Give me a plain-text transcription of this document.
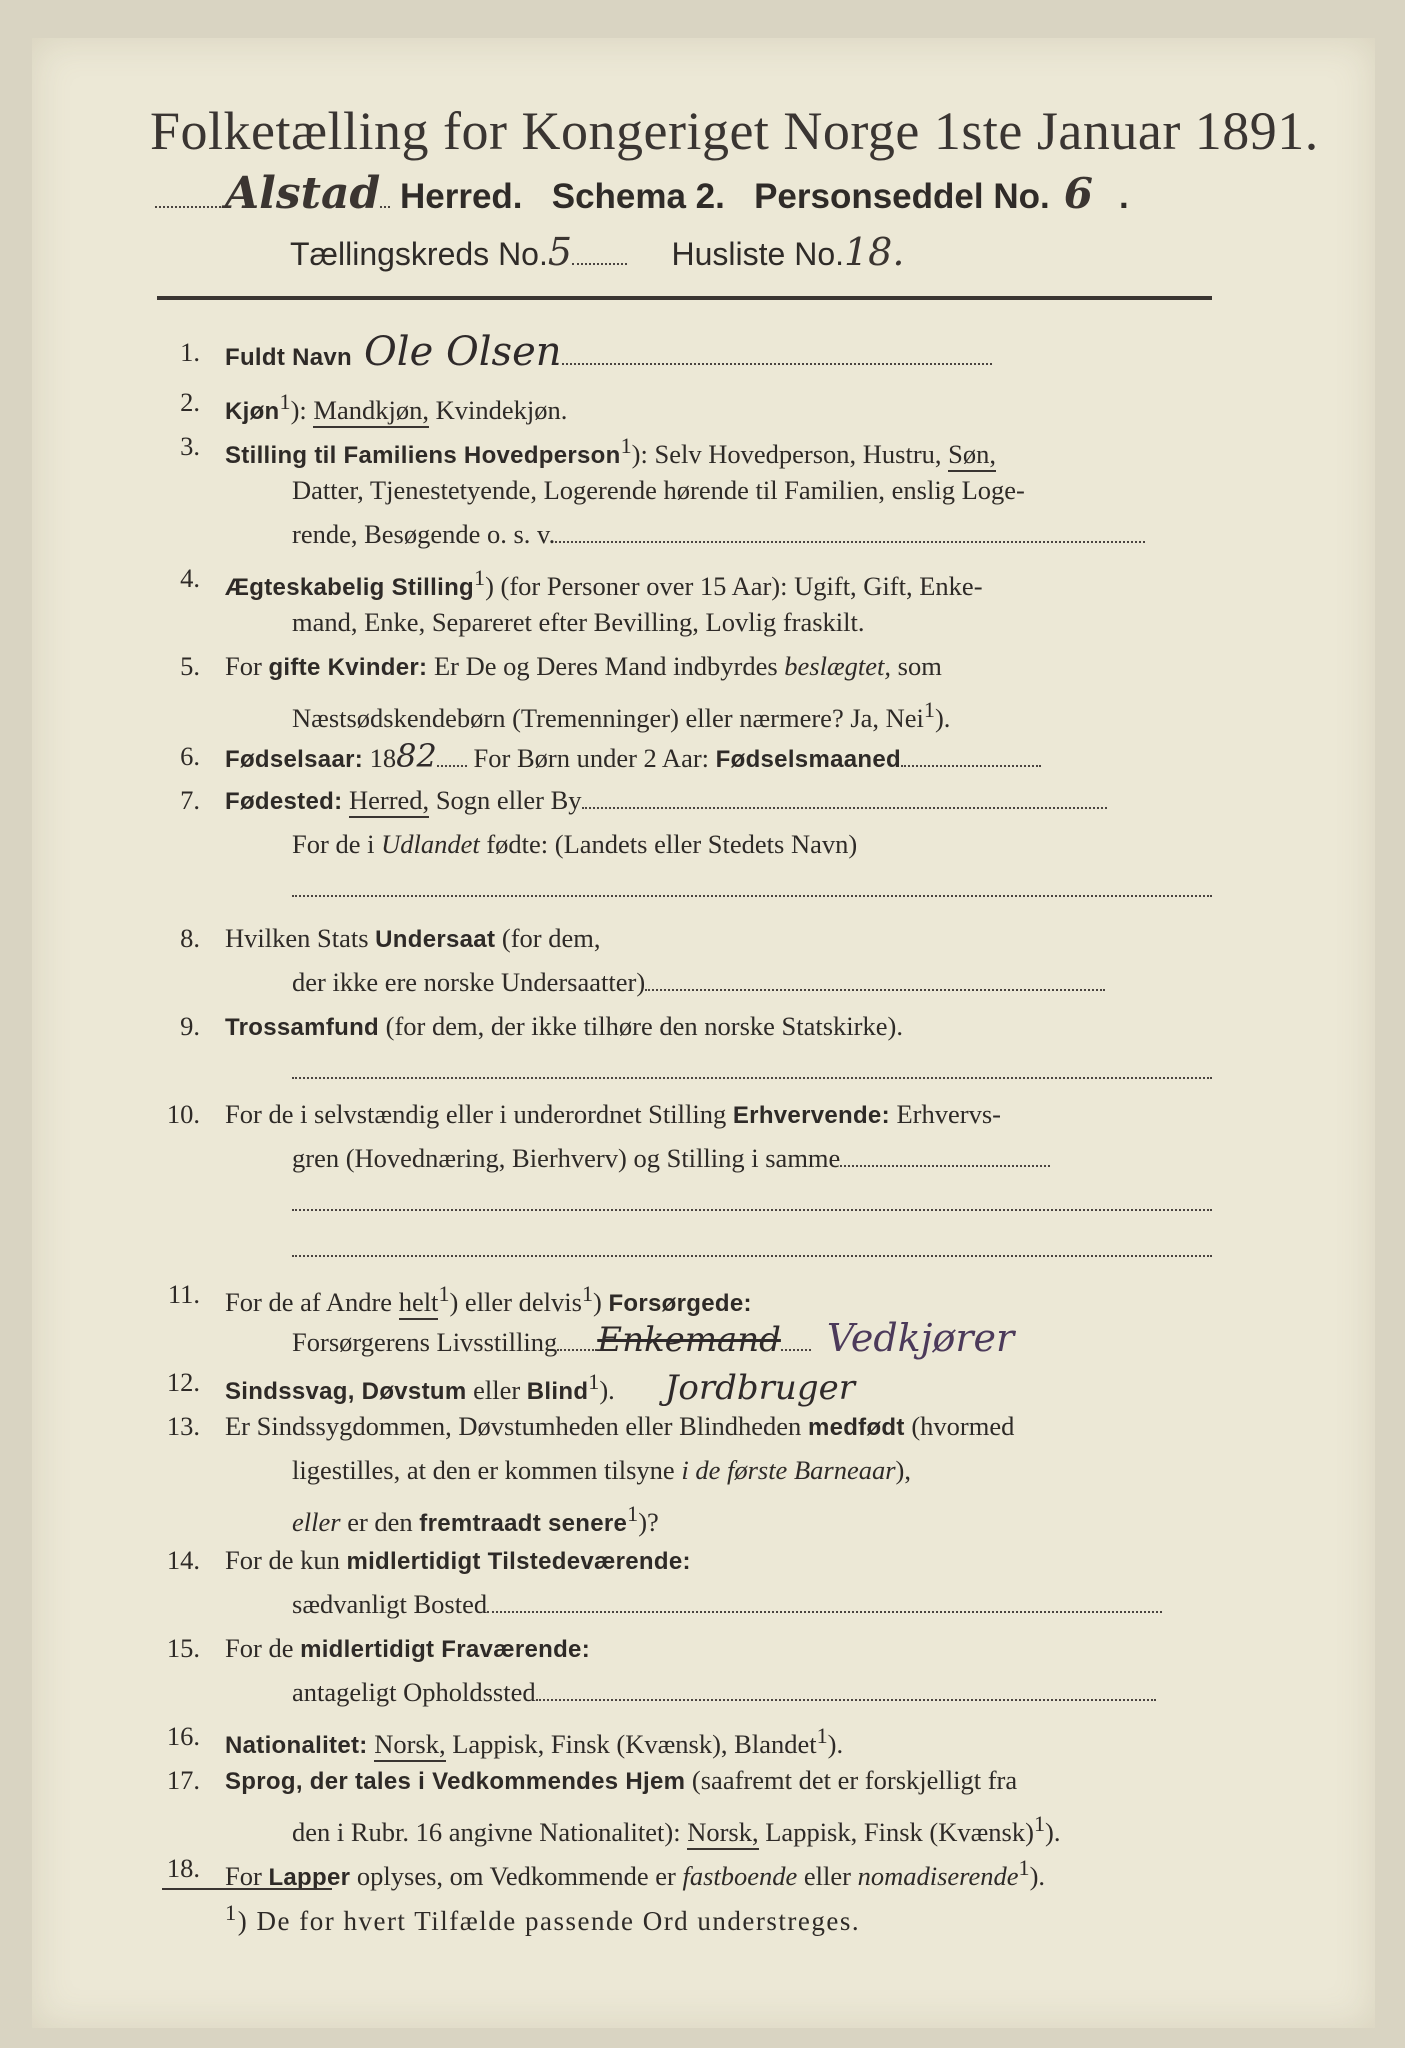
Folketælling for Kongeriget Norge 1ste Januar 1891.
Alstad Herred. Schema 2. Personseddel No. 6 .
Tællingskreds No.5	Husliste No.18.
1. Fuldt Navn Ole Olsen
2. Kjøn$^1$): Mandkjøn, Kvindekjøn.
3. Stilling til Familiens Hovedperson$^1$): Selv Hovedperson, Hustru, Søn,
Datter, Tjenestetyende, Logerende hørende til Familien, enslig Loge-
rende, Besøgende o. s. v.
4. Ægteskabelig Stilling$^1$) (for Personer over 15 Aar): Ugift, Gift, Enke-
mand, Enke, Separeret efter Bevilling, Lovlig fraskilt.
5. For gifte Kvinder: Er De og Deres Mand indbyrdes beslægtet, som
Næstsødskendebørn (Tremenninger) eller nærmere? Ja, Nei$^1$).
6. Fødselsaar: 1882 For Børn under 2 Aar: Fødselsmaaned
7. Fødested: Herred, Sogn eller By
For de i Udlandet fødte: (Landets eller Stedets Navn)
8. Hvilken Stats Undersaat (for dem,
der ikke ere norske Undersaatter)
9. Trossamfund (for dem, der ikke tilhøre den norske Statskirke).
10. For de i selvstændig eller i underordnet Stilling Erhvervende: Erhvervs-
gren (Hovednæring, Bierhverv) og Stilling i samme
11. For de af Andre helt$^1$) eller delvis$^1$) Forsørgede:
Forsørgerens Livsstilling Enkemand Vedkjører
12. Sindssvag, Døvstum eller Blind$^1$). Jordbruger
13. Er Sindssygdommen, Døvstumheden eller Blindheden medfødt (hvormed
ligestilles, at den er kommen tilsyne i de første Barneaar),
eller er den fremtraadt senere$^1$)?
14. For de kun midlertidigt Tilstedeværende:
sædvanligt Bosted
15. For de midlertidigt Fraværende:
antageligt Opholdssted
16. Nationalitet: Norsk, Lappisk, Finsk (Kvænsk), Blandet$^1$).
17. Sprog, der tales i Vedkommendes Hjem (saafremt det er forskjelligt fra
den i Rubr. 16 angivne Nationalitet): Norsk, Lappisk, Finsk (Kvænsk)$^1$).
18. For Lapper oplyses, om Vedkommende er fastboende eller nomadiserende$^1$).
$^1$) De for hvert Tilfælde passende Ord understreges.
